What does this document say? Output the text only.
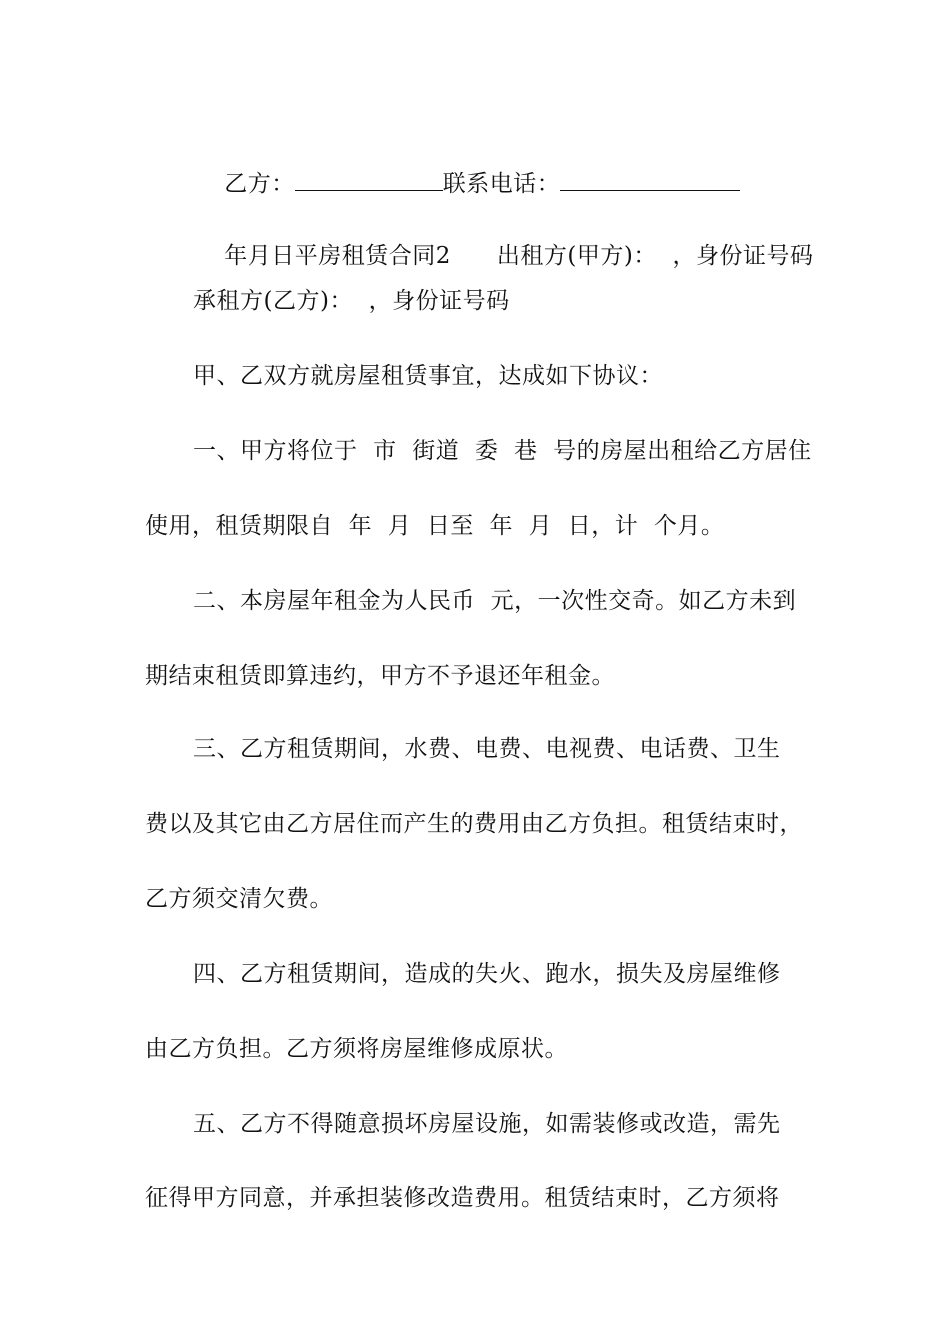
乙方：	联系电话：

年月日平房租赁合同2 出租方(甲方)：  ，身份证号码

承租方(乙方)：  ，身份证号码
甲、乙双方就房屋租赁事宜，达成如下协议：
一、甲方将位于  市  街道  委  巷  号的房屋出租给乙方居住
使用，租赁期限自  年  月  日至  年  月  日，计  个月。
二、本房屋年租金为人民币  元，一次性交奇。如乙方未到
期结束租赁即算违约，甲方不予退还年租金。
三、乙方租赁期间，水费、电费、电视费、电话费、卫生
费以及其它由乙方居住而产生的费用由乙方负担。租赁结束时，
乙方须交清欠费。
四、乙方租赁期间，造成的失火、跑水，损失及房屋维修
由乙方负担。乙方须将房屋维修成原状。
五、乙方不得随意损坏房屋设施，如需装修或改造，需先
征得甲方同意，并承担装修改造费用。租赁结束时，乙方须将
